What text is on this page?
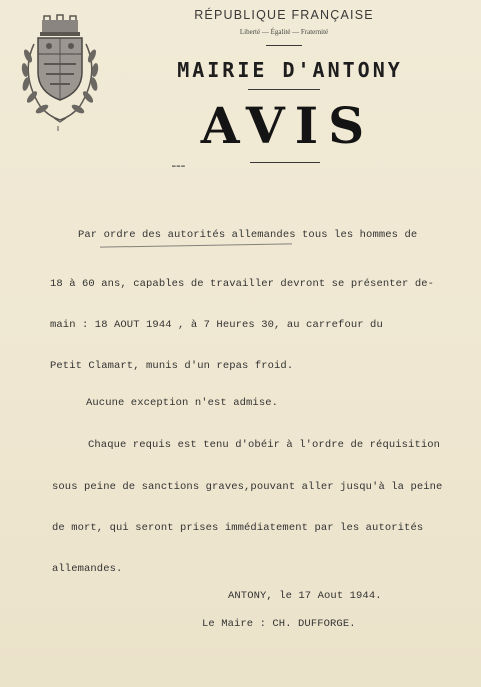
RÉPUBLIQUE FRANÇAISE
Liberté — Égalité — Fraternité
MAIRIE D'ANTONY
AVIS
▬▬▬
Par ordre des autorités allemandes tous les hommes de
18 à 60 ans, capables de travailler devront se présenter de-
main : 18 AOUT 1944 , à 7 Heures 30, au carrefour du
Petit Clamart, munis d'un repas froid.
Aucune exception n'est admise.
Chaque requis est tenu d'obéir à l'ordre de réquisition
sous peine de sanctions graves,pouvant aller jusqu'à la peine
de mort, qui seront prises immédiatement par les autorités
allemandes.
ANTONY, le 17 Aout 1944.
Le Maire : CH. DUFFORGE.
